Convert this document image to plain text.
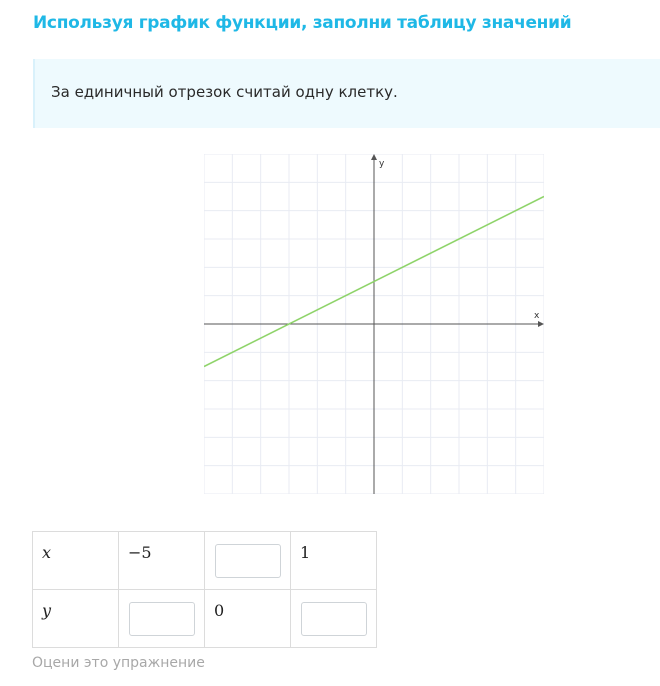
Используя график функции, заполни таблицу значений
За единичный отрезок считай одну клетку.
x
y
x	−5		1

y		0

Оцени это упражнение
